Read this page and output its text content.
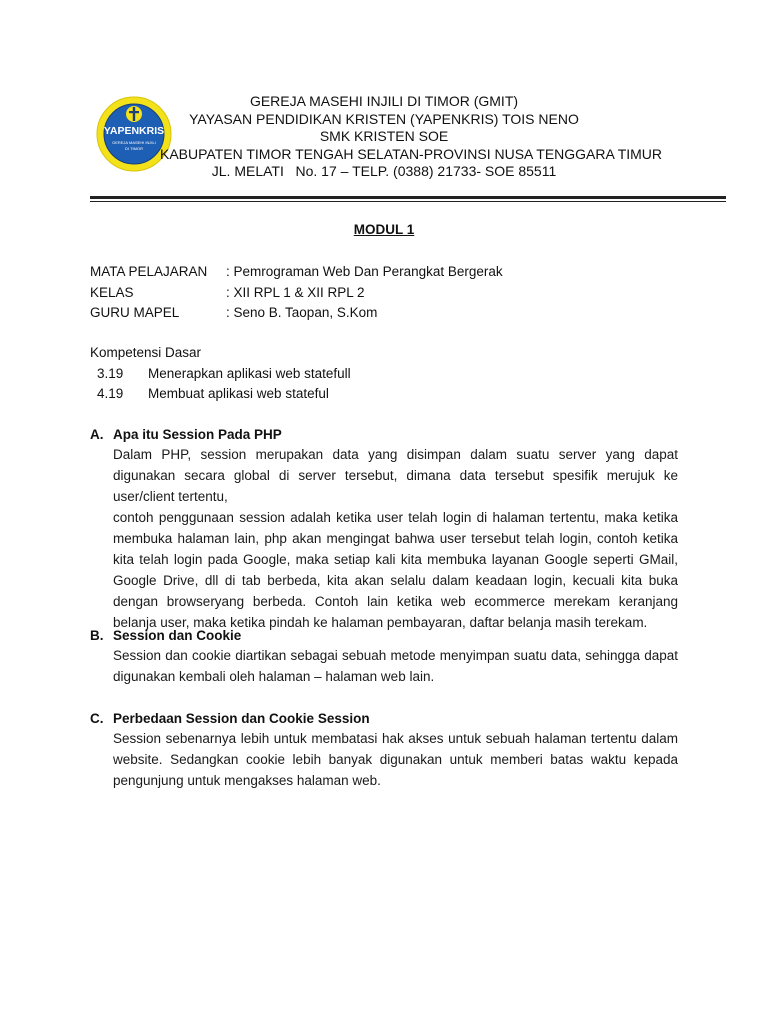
YAPENKRIS
GEREJA MASEHI INJILI
DI TIMOR
GEREJA MASEHI INJILI DI TIMOR (GMIT)
YAYASAN PENDIDIKAN KRISTEN (YAPENKRIS) TOIS NENO
SMK KRISTEN SOE
KABUPATEN TIMOR TENGAH SELATAN-PROVINSI NUSA TENGGARA TIMUR
JL. MELATI   No. 17 – TELP. (0388) 21733- SOE 85511
MODUL 1
MATA PELAJARAN : Pemrograman Web Dan Perangkat Bergerak
KELAS	: XII RPL 1 & XII RPL 2
GURU MAPEL	: Seno B. Taopan, S.Kom
Kompetensi Dasar
3.19 Menerapkan aplikasi web statefull
4.19 Membuat aplikasi web stateful
A. Apa itu Session Pada PHP

Dalam PHP, session merupakan data yang disimpan dalam suatu server yang dapat digunakan secara global di server tersebut, dimana data tersebut spesifik merujuk ke user/client tertentu,

contoh penggunaan session adalah ketika user telah login di halaman tertentu, maka ketika membuka halaman lain, php akan mengingat bahwa user tersebut telah login, contoh ketika kita telah login pada Google, maka setiap kali kita membuka layanan Google seperti GMail, Google Drive, dll di tab berbeda, kita akan selalu dalam keadaan login, kecuali kita buka dengan browseryang berbeda. Contoh lain ketika web ecommerce merekam keranjang belanja user, maka ketika pindah ke halaman pembayaran, daftar belanja masih terekam.

B. Session dan Cookie

Session dan cookie diartikan sebagai sebuah metode menyimpan suatu data, sehingga dapat digunakan kembali oleh halaman – halaman web lain.

C. Perbedaan Session dan Cookie Session

Session sebenarnya lebih untuk membatasi hak akses untuk sebuah halaman tertentu dalam website. Sedangkan cookie lebih banyak digunakan untuk memberi batas waktu kepada pengunjung untuk mengakses halaman web.
